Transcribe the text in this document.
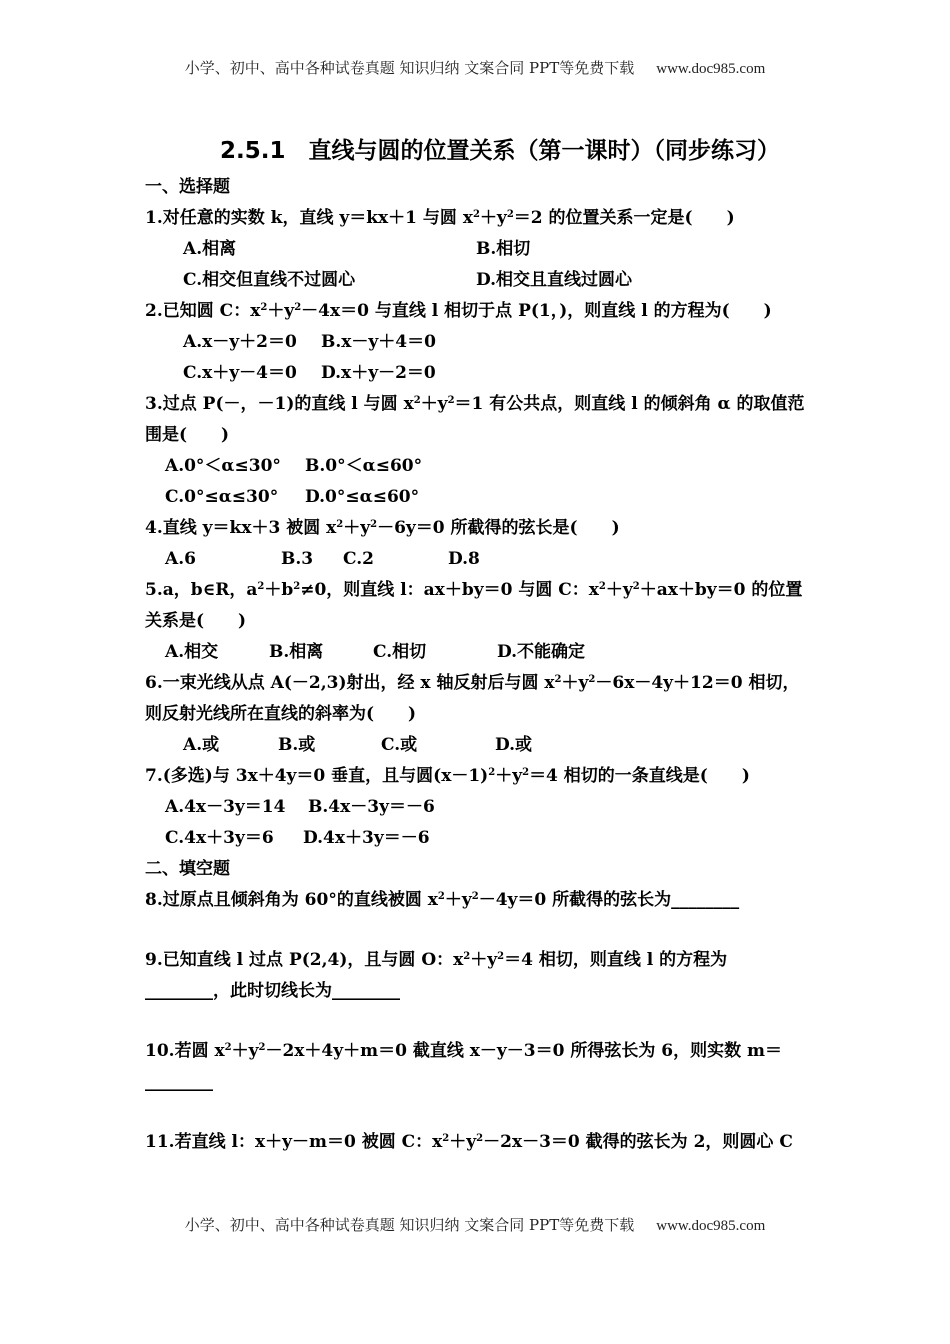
小学、初中、高中各种试卷真题 知识归纳 文案合同 PPT等免费下载 www.doc985.com
2.5.1　直线与圆的位置关系（第一课时）（同步练习）
一、选择题
1.对任意的实数 k，直线 y＝kx＋1 与圆 $x^2+y^2=2$ 的位置关系一定是(　　)
A.相离	B.相切
C.相交但直线不过圆心	D.相交且直线过圆心
2.已知圆 C：$x^2+y^2-4x=0$ 与直线 l 相切于点 P(1，)，则直线 l 的方程为(　　)
A.x－y＋2＝0	B.x－y＋4＝0
C.x＋y－4＝0	D.x＋y－2＝0
3.过点 P(－，－1)的直线 l 与圆 $x^2+y^2=1$ 有公共点，则直线 l 的倾斜角 α 的取值范围是(　　)
A.0°＜α≤30°	B.0°＜α≤60°
C.0°≤α≤30°	D.0°≤α≤60°
4.直线 y＝kx＋3 被圆 $x^2+y^2-6y=0$ 所截得的弦长是(　　)
A.6	B.3	C.2	D.8
5.a，b∈R，$a^2+b^2\ne 0$，则直线 l：ax＋by＝0 与圆 C：$x^2+y^2+ax+by=0$ 的位置关系是(　　)
A.相交	B.相离	C.相切	D.不能确定
6.一束光线从点 A(－2,3)射出，经 x 轴反射后与圆 $x^2+y^2-6x-4y+12=0$ 相切，则反射光线所在直线的斜率为(　　)
A.或	B.或	C.或	D.或
7.(多选)与 3x＋4y＝0 垂直，且与圆$(x-1)^2+y^2=4$ 相切的一条直线是(　　)
A.4x－3y＝14	B.4x－3y＝－6
C.4x＋3y＝6	D.4x＋3y＝－6
二、填空题
8.过原点且倾斜角为 60°的直线被圆 $x^2+y^2-4y=0$ 所截得的弦长为________
9.已知直线 l 过点 P(2,4)，且与圆 O：$x^2+y^2=4$ 相切，则直线 l 的方程为________，此时切线长为________
10.若圆 $x^2+y^2-2x+4y+m=0$ 截直线 x－y－3＝0 所得弦长为 6，则实数 m＝________
11.若直线 l：x＋y－m＝0 被圆 C：$x^2+y^2-2x-3=0$ 截得的弦长为 2，则圆心 C
小学、初中、高中各种试卷真题 知识归纳 文案合同 PPT等免费下载 www.doc985.com
